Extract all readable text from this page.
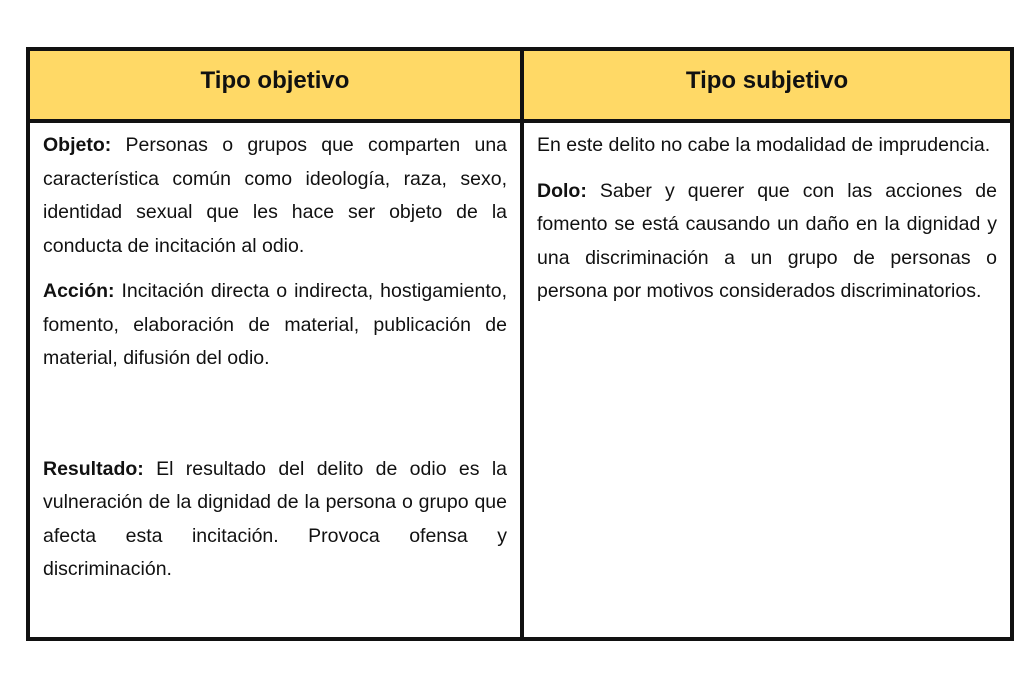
Tipo objetivo	Tipo subjetivo

Objeto: Personas o grupos que comparten una característica común como ideología, raza, sexo, identidad sexual que les hace ser objeto de la conducta de incitación al odio.

Acción: Incitación directa o indirecta, hostigamiento, fomento, elaboración de material, publicación de material, difusión del odio.

Resultado: El resultado del delito de odio es la vulneración de la dignidad de la persona o grupo que afecta esta incitación. Provoca ofensa y discriminación.

En este delito no cabe la modalidad de imprudencia.

Dolo: Saber y querer que con las acciones de fomento se está causando un daño en la dignidad y una discriminación a un grupo de personas o persona por motivos considerados discriminatorios.
